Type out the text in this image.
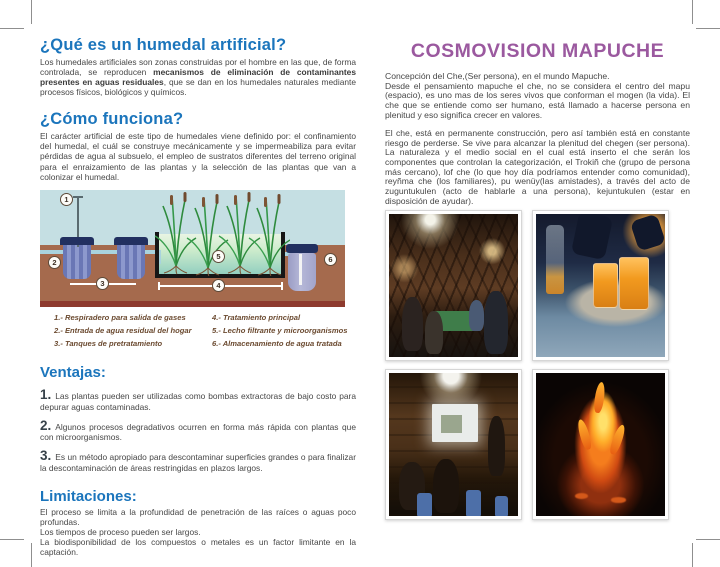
¿Qué es un humedal artificial?

Los humedales artificiales son zonas construidas por el hombre en las que, de forma controlada, se reproducen mecanismos de eliminación de contaminantes presentes en aguas residuales, que se dan en los humedales naturales mediante procesos físicos, biológicos y químicos.

¿Cómo funciona?

El carácter artificial de este tipo de humedales viene definido por: el confinamiento del humedal, el cuál se construye mecánicamente y se impermeabiliza para evitar pérdidas de agua al subsuelo, el empleo de sustratos diferentes del terreno original para el enraizamiento de las plantas y la selección de las plantas que van a colonizar el humedal.

1
2
3	4
5	6

1.- Respiradero para salida de gases

2.- Entrada de agua residual del hogar

3.- Tanques de pretratamiento

4.- Tratamiento principal

5.- Lecho filtrante y microorganismos

6.- Almacenamiento de agua tratada

Ventajas:

1. Las plantas pueden ser utilizadas como bombas extractoras de bajo costo para depurar aguas contaminadas.

2. Algunos procesos degradativos ocurren en forma más rápida con plantas que con microorganismos.

3. Es un método apropiado para descontaminar superficies grandes o para finalizar la descontaminación de áreas restringidas en plazos largos.

Limitaciones:

El proceso se limita a la profundidad de penetración de las raíces o aguas poco profundas.

Los tiempos de proceso pueden ser largos.

La biodisponibilidad de los compuestos o metales es un factor limitante en la captación.

COSMOVISION MAPUCHE

Concepción del Che,(Ser persona), en el mundo Mapuche.

Desde el pensamiento mapuche el che, no se considera el centro del mapu (espacio), es uno mas de los seres vivos que conforman el mogen (la vida). El che que se entiende como ser humano, está llamado a hacerse persona en plenitud y eso significa crecer en valores.

El che, está en permanente construcción, pero así también está en constante riesgo de perderse. Se vive para alcanzar la plenitud del chegen (ser persona). La naturaleza y el medio social en el cual está inserto el che serán los componentes que controlan la categorización, el Trokiñ che (grupo de persona más cercano), lof che (lo que hoy día podríamos entender como comunidad), reyñma che (los familiares), pu wenüy(las amistades), a través del acto de zuguntukulen (acto de hablarle a una persona), kejuntukulen (estar en disposición de ayudar).
